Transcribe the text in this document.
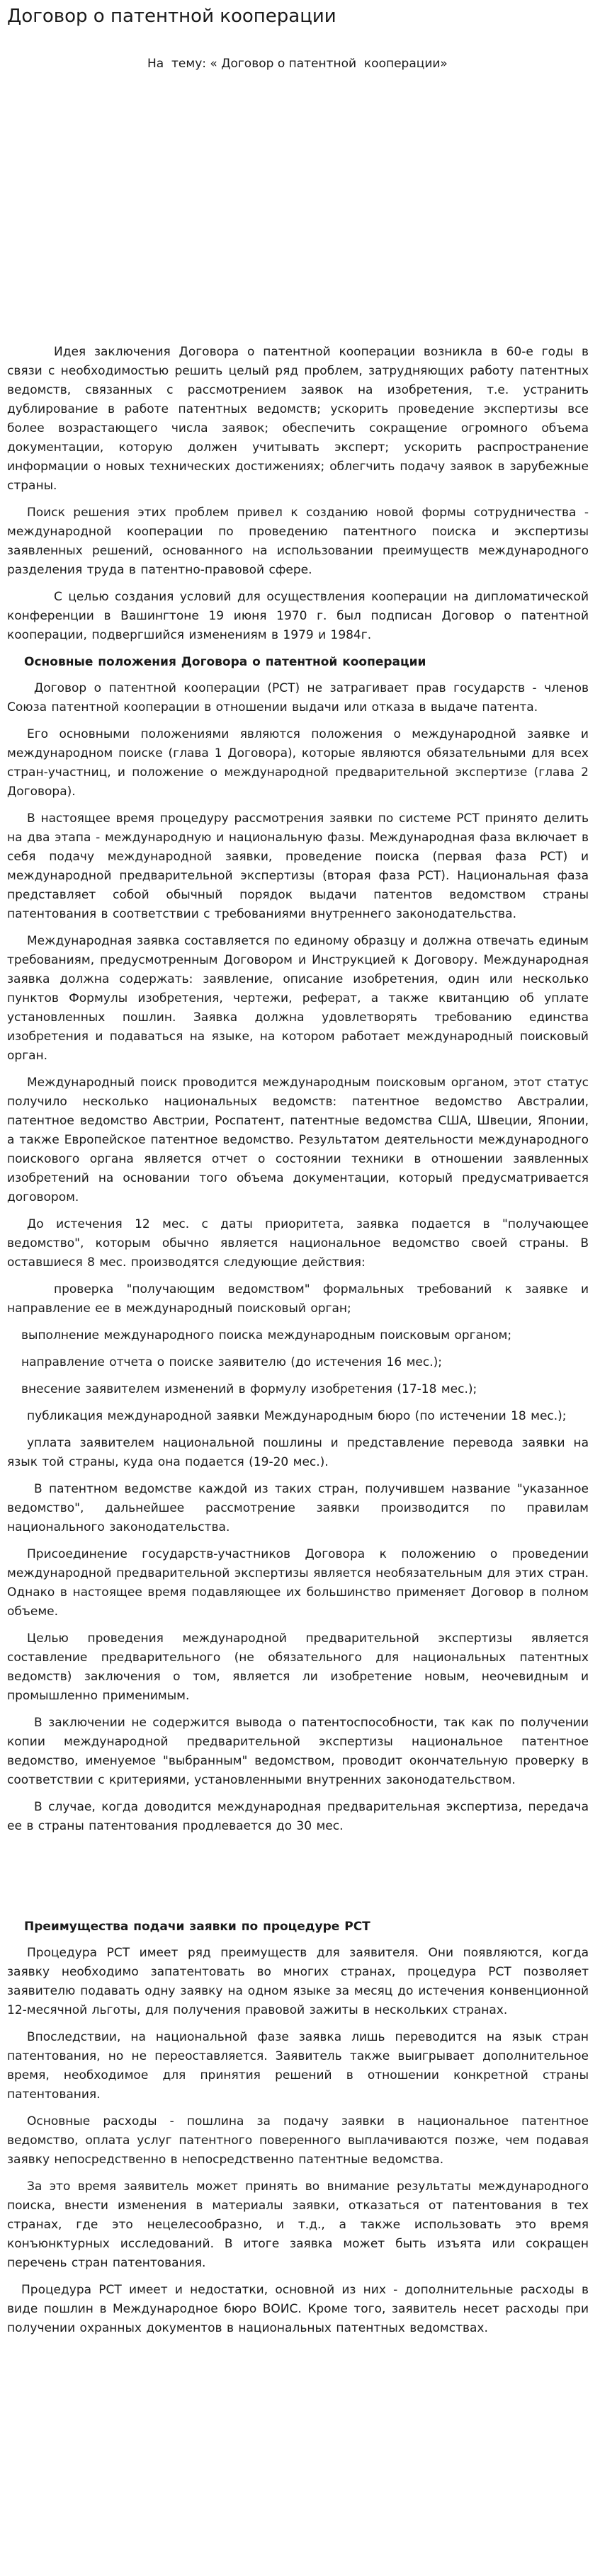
Договор о патентной кооперации
На  тему: « Договор о патентной  кооперации»

Идея заключения Договора о патентной кооперации возникла в 60-е годы в связи с необходимостью решить целый ряд проблем, затрудняющих работу патентных ведомств, связанных с рассмотрением заявок на изобретения, т.е. устранить дублирование в работе патентных ведомств; ускорить проведение экспертизы все более возрастающего числа заявок; обеспечить сокращение огромного объема документации, которую должен учитывать эксперт; ускорить распространение информации о новых технических достижениях; облегчить подачу заявок в зарубежные страны.

Поиск решения этих проблем привел к созданию новой формы сотрудничества - международной кооперации по проведению патентного поиска и экспертизы заявленных решений, основанного на использовании преимуществ международного разделения труда в патентно-правовой сфере.

С целью создания условий для осуществления кооперации на дипломатической конференции в Вашингтоне 19 июня 1970 г. был подписан Договор о патентной кооперации, подвергшийся изменениям в 1979 и 1984г.

Основные положения Договора о патентной кооперации

Договор о патентной кооперации (РСТ) не затрагивает прав государств - членов Союза патентной кооперации в отношении выдачи или отказа в выдаче патента.

Его основными положениями являются положения о международной заявке и международном поиске (глава 1 Договора), которые являются обязательными для всех стран-участниц, и положение о международной предварительной экспертизе (глава 2 Договора).

В настоящее время процедуру рассмотрения заявки по системе РСТ принято делить на два этапа - международную и национальную фазы. Международная фаза включает в себя подачу международной заявки, проведение поиска (первая фаза РСТ) и международной предварительной экспертизы (вторая фаза РСТ). Национальная фаза представляет собой обычный порядок выдачи патентов ведомством страны патентования в соответствии с требованиями внутреннего законодательства.

Международная заявка составляется по единому образцу и должна отвечать единым требованиям, предусмотренным Договором и Инструкцией к Договору. Международная заявка должна содержать: заявление, описание изобретения, один или несколько пунктов Формулы изобретения, чертежи, реферат, а также квитанцию об уплате установленных пошлин. Заявка должна удовлетворять требованию единства изобретения и подаваться на языке, на котором работает международный поисковый орган.

Международный поиск проводится международным поисковым органом, этот статус получило несколько национальных ведомств: патентное ведомство Австралии, патентное ведомство Австрии, Роспатент, патентные ведомства США, Швеции, Японии, а также Европейское патентное ведомство. Результатом деятельности международного поискового органа является отчет о состоянии техники в отношении заявленных изобретений на основании того объема документации, который предусматривается договором.

До истечения 12 мес. с даты приоритета, заявка подается в "получающее ведомство", которым обычно является национальное ведомство своей страны. В оставшиеся 8 мес. производятся следующие действия:

проверка "получающим ведомством" формальных требований к заявке и направление ее в международный поисковый орган;

выполнение международного поиска международным поисковым органом;

направление отчета о поиске заявителю (до истечения 16 мес.);

внесение заявителем изменений в формулу изобретения (17-18 мес.);

публикация международной заявки Международным бюро (по истечении 18 мес.);

уплата заявителем национальной пошлины и представление перевода заявки на язык той страны, куда она подается (19-20 мес.).

В патентном ведомстве каждой из таких стран, получившем название "указанное ведомство", дальнейшее рассмотрение заявки производится по правилам национального законодательства.

Присоединение государств-участников Договора к положению о проведении международной предварительной экспертизы является необязательным для этих стран. Однако в настоящее время подавляющее их большинство применяет Договор в полном объеме.

Целью проведения международной предварительной экспертизы является составление предварительного (не обязательного для национальных патентных ведомств) заключения о том, является ли изобретение новым, неочевидным и промышленно применимым.

В заключении не содержится вывода о патентоспособности, так как по получении копии международной предварительной экспертизы национальное патентное ведомство, именуемое "выбранным" ведомством, проводит окончательную проверку в соответствии с критериями, установленными внутренних законодательством.

В случае, когда доводится международная предварительная экспертиза, передача ее в страны патентования продлевается до 30 мес.

Преимущества подачи заявки по процедуре РСТ

Процедура РСТ имеет ряд преимуществ для заявителя. Они появляются, когда заявку необходимо запатентовать во многих странах, процедура РСТ позволяет заявителю подавать одну заявку на одном языке за месяц до истечения конвенционной 12-месячной льготы, для получения правовой зажиты в нескольких странах.

Впоследствии, на национальной фазе заявка лишь переводится на язык стран патентования, но не переоставляется. Заявитель также выигрывает дополнительное время, необходимое для принятия решений в отношении конкретной страны патентования.

Основные расходы - пошлина за подачу заявки в национальное патентное ведомство, оплата услуг патентного поверенного выплачиваются позже, чем подавая заявку непосредственно в непосредственно патентные ведомства.

За это время заявитель может принять во внимание результаты международного поиска, внести изменения в материалы заявки, отказаться от патентования в тех странах, где это нецелесообразно, и т.д., а также использовать это время конъюнктурных исследований. В итоге заявка может быть изъята или сокращен перечень стран патентования.

Процедура РСТ имеет и недостатки, основной из них - дополнительные расходы в виде пошлин в Международное бюро ВОИС. Кроме того, заявитель несет расходы при получении охранных документов в национальных патентных ведомствах.
